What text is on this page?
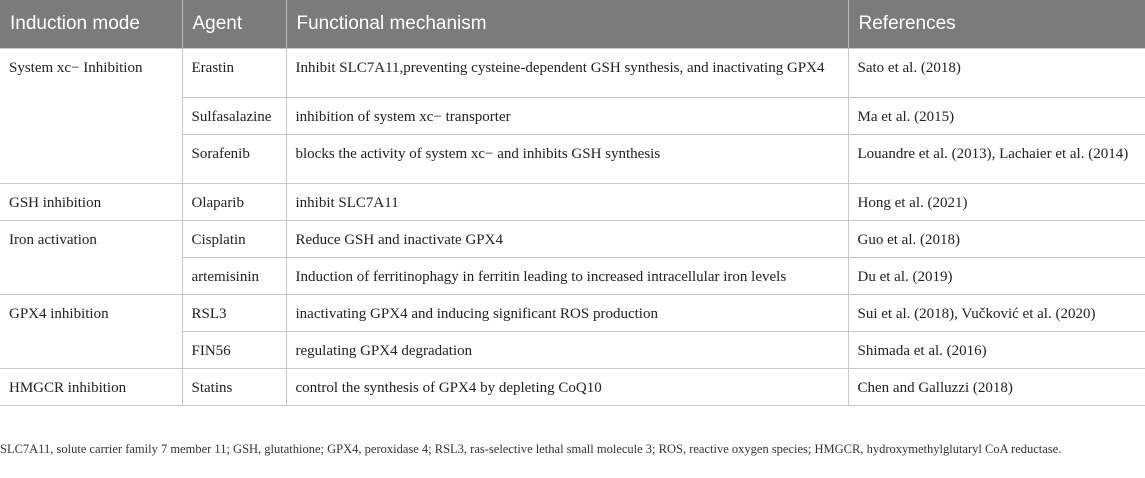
Induction mode	Agent	Functional mechanism	References
System xc− Inhibition	Erastin	Inhibit SLC7A11,preventing cysteine-dependent GSH synthesis, and inactivating GPX4	Sato et al. (2018)
	Sulfasalazine	inhibition of system xc− transporter	Ma et al. (2015)
	Sorafenib	blocks the activity of system xc− and inhibits GSH synthesis	Louandre et al. (2013), Lachaier et al. (2014)
GSH inhibition	Olaparib	inhibit SLC7A11	Hong et al. (2021)
Iron activation	Cisplatin	Reduce GSH and inactivate GPX4	Guo et al. (2018)
	artemisinin	Induction of ferritinophagy in ferritin leading to increased intracellular iron levels	Du et al. (2019)
GPX4 inhibition	RSL3	inactivating GPX4 and inducing significant ROS production	Sui et al. (2018), Vučković et al. (2020)
	FIN56	regulating GPX4 degradation	Shimada et al. (2016)
HMGCR inhibition	Statins	control the synthesis of GPX4 by depleting CoQ10	Chen and Galluzzi (2018)
SLC7A11, solute carrier family 7 member 11; GSH, glutathione; GPX4, peroxidase 4; RSL3, ras-selective lethal small molecule 3; ROS, reactive oxygen species; HMGCR, hydroxymethylglutaryl CoA reductase.
